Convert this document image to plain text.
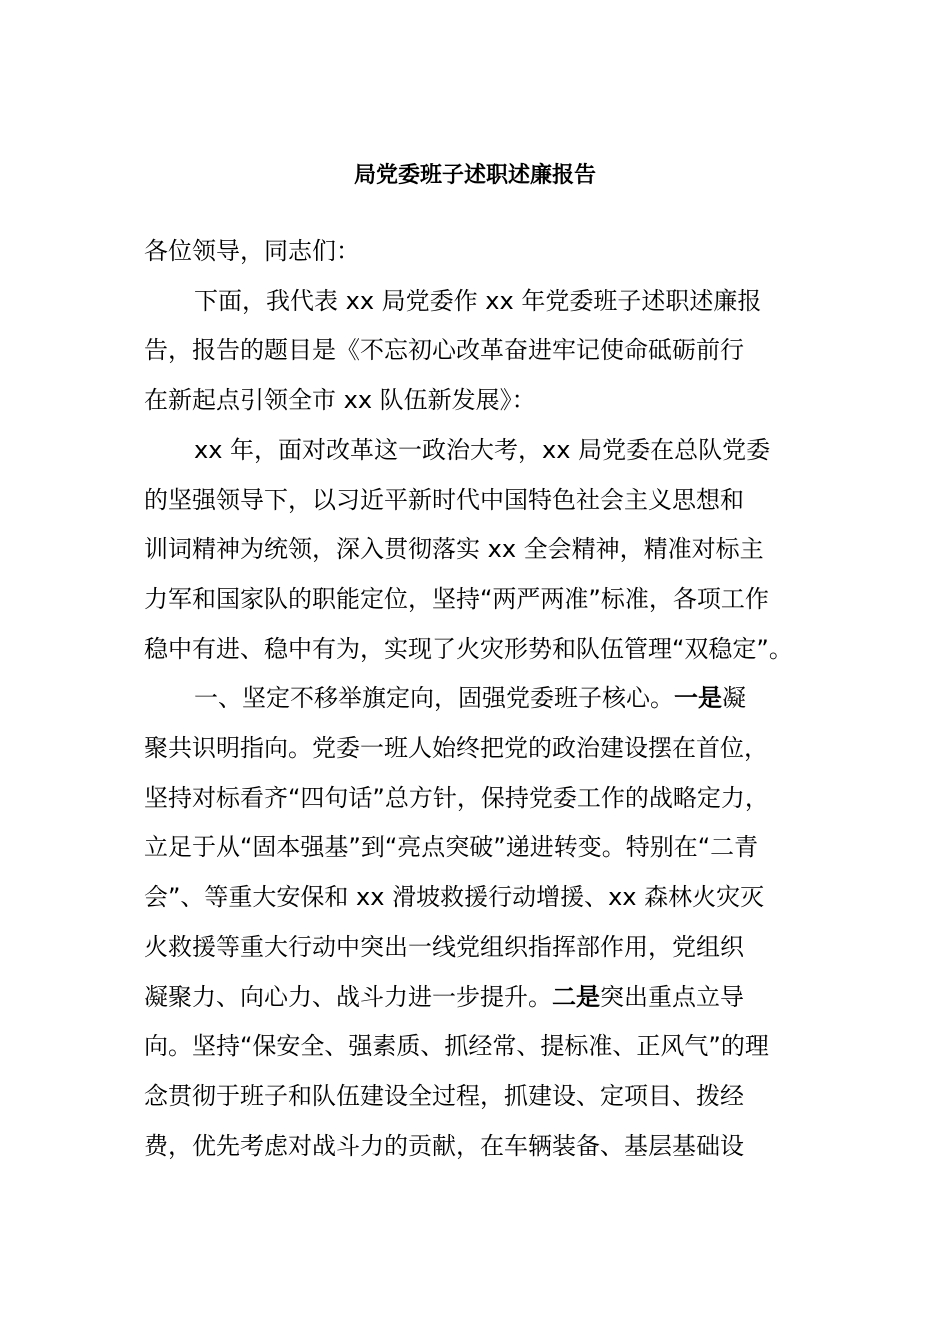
局党委班子述职述廉报告
各位领导，同志们：
下面，我代表 xx 局党委作 xx 年党委班子述职述廉报
告，报告的题目是《不忘初心改革奋进牢记使命砥砺前行
在新起点引领全市 xx 队伍新发展》：
xx 年，面对改革这一政治大考，xx 局党委在总队党委
的坚强领导下，以习近平新时代中国特色社会主义思想和
训词精神为统领，深入贯彻落实 xx 全会精神，精准对标主
力军和国家队的职能定位，坚持“两严两准”标准，各项工作
稳中有进、稳中有为，实现了火灾形势和队伍管理“双稳定”。
一、坚定不移举旗定向，固强党委班子核心。一是凝
聚共识明指向。党委一班人始终把党的政治建设摆在首位，
坚持对标看齐“四句话”总方针，保持党委工作的战略定力，
立足于从“固本强基”到“亮点突破”递进转变。特别在“二青
会”、等重大安保和 xx 滑坡救援行动增援、xx 森林火灾灭
火救援等重大行动中突出一线党组织指挥部作用，党组织
凝聚力、向心力、战斗力进一步提升。二是突出重点立导
向。坚持“保安全、强素质、抓经常、提标准、正风气”的理
念贯彻于班子和队伍建设全过程，抓建设、定项目、拨经
费，优先考虑对战斗力的贡献，在车辆装备、基层基础设
